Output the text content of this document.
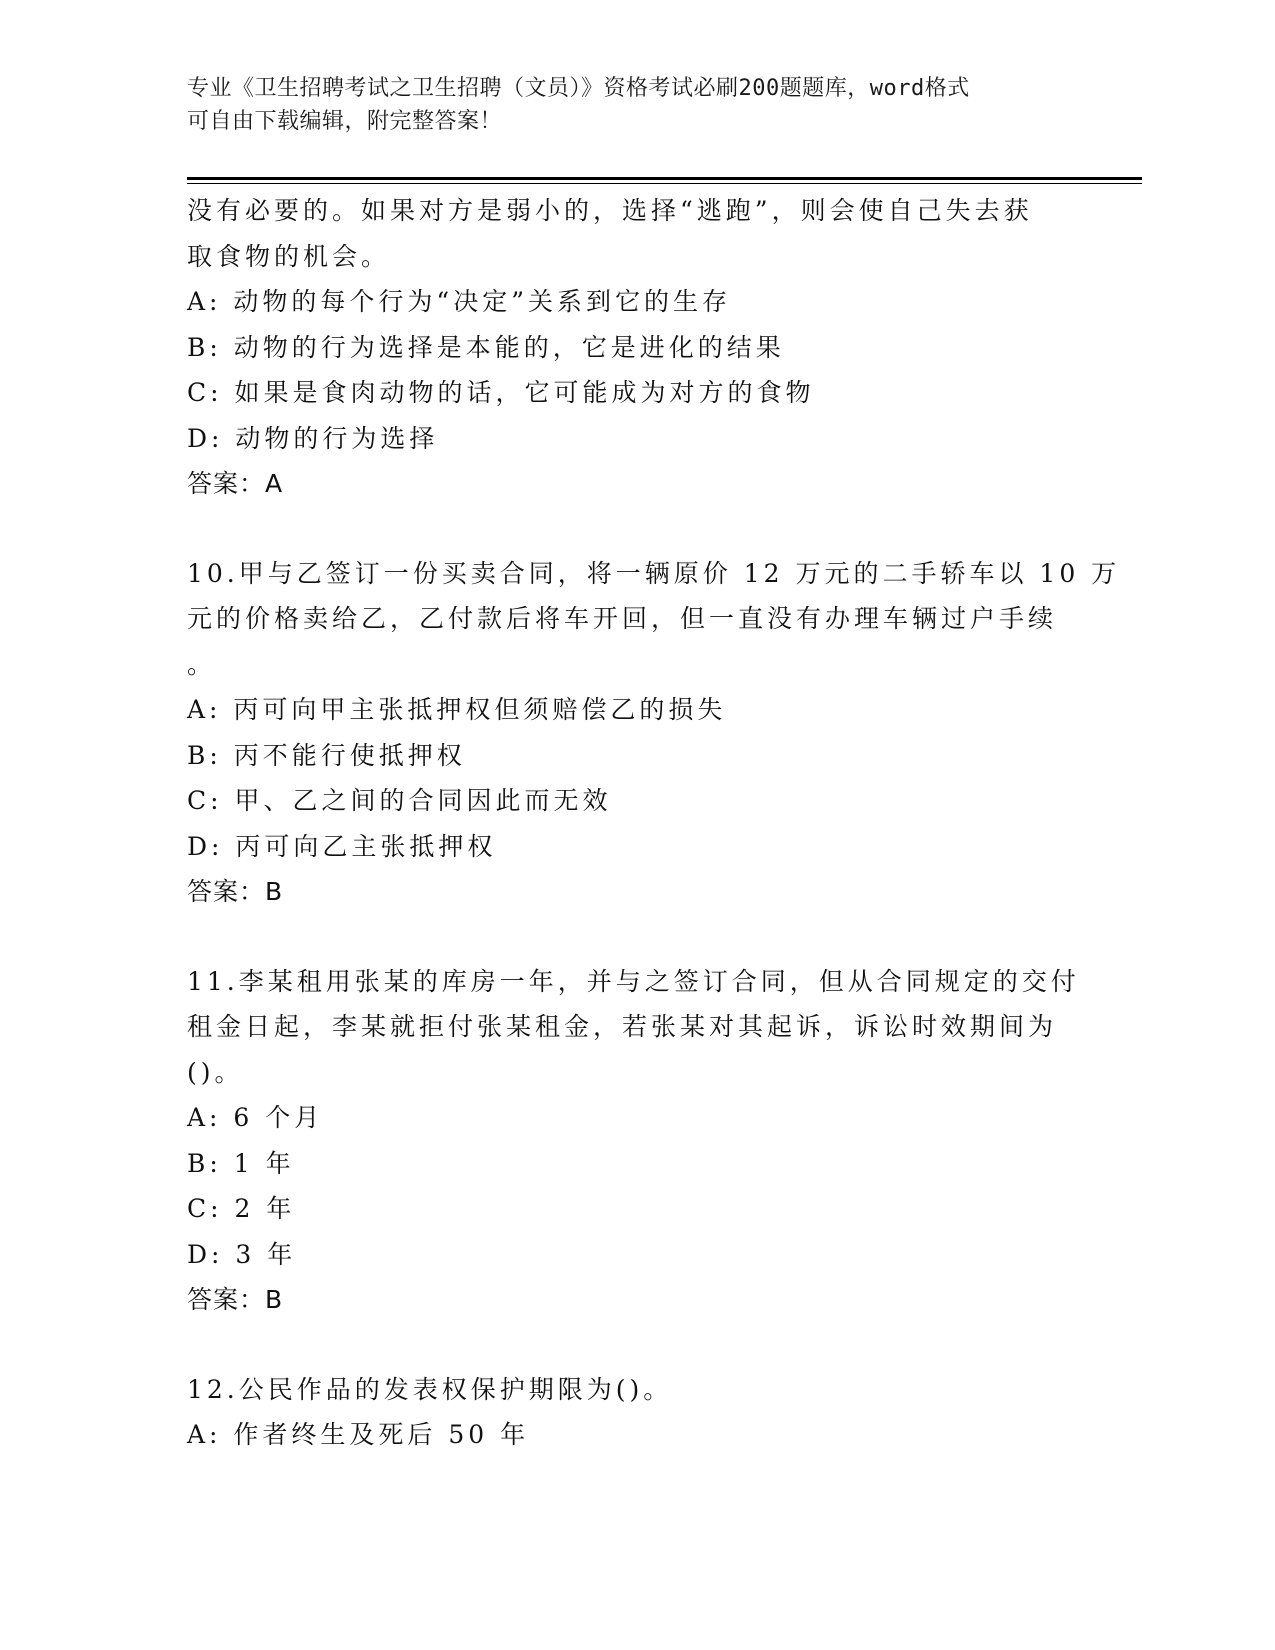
专业《卫生招聘考试之卫生招聘（文员）》资格考试必刷200题题库，word格式
可自由下载编辑，附完整答案！
没有必要的。如果对方是弱小的，选择“逃跑”，则会使自己失去获
取食物的机会。
A: 动物的每个行为“决定”关系到它的生存
B: 动物的行为选择是本能的，它是进化的结果
C: 如果是食肉动物的话，它可能成为对方的食物
D: 动物的行为选择
答案：A
10.甲与乙签订一份买卖合同，将一辆原价 12 万元的二手轿车以 10 万
元的价格卖给乙，乙付款后将车开回，但一直没有办理车辆过户手续
。
A: 丙可向甲主张抵押权但须赔偿乙的损失
B: 丙不能行使抵押权
C: 甲、乙之间的合同因此而无效
D: 丙可向乙主张抵押权
答案：B
11.李某租用张某的库房一年，并与之签订合同，但从合同规定的交付
租金日起，李某就拒付张某租金，若张某对其起诉，诉讼时效期间为
()。
A: 6 个月
B: 1 年
C: 2 年
D: 3 年
答案：B
12.公民作品的发表权保护期限为()。
A: 作者终生及死后 50 年
